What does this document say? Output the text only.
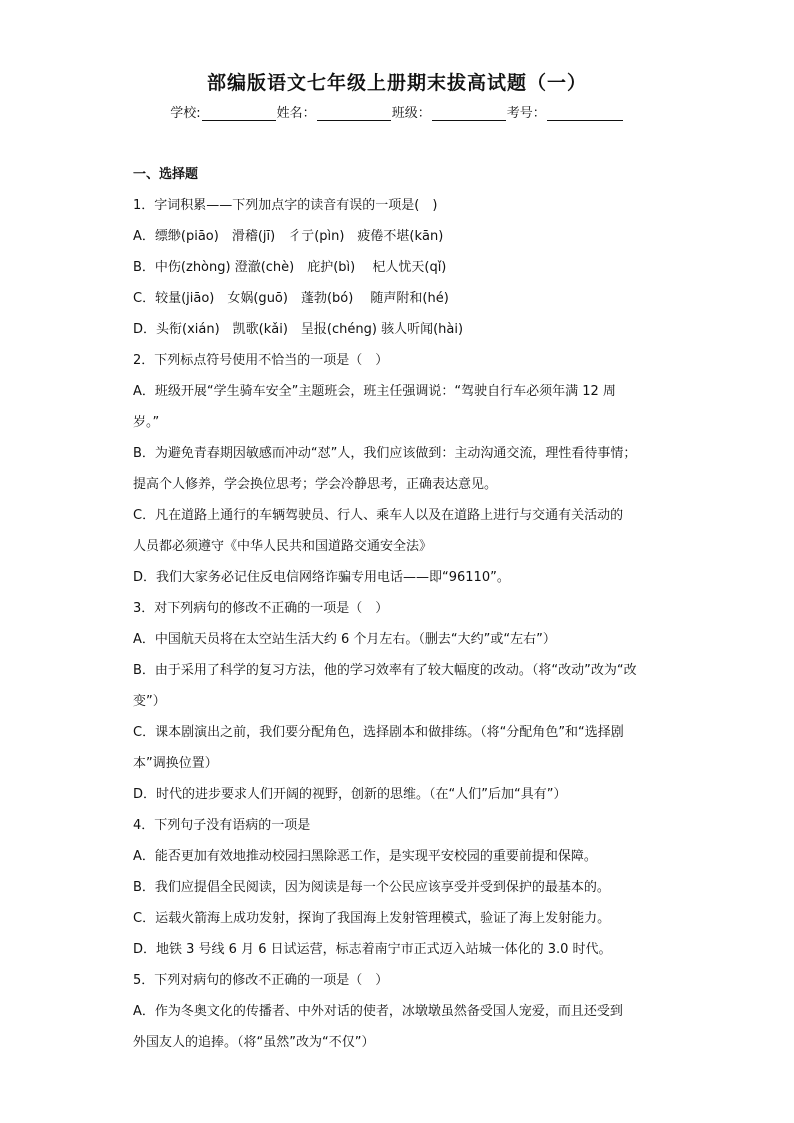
部编版语文七年级上册期末拔高试题（一）
学校:	姓名：	班级：	考号：
一、选择题
1．字词积累——下列加点字的读音有误的一项是(　)
A．缥缈(piāo)　滑稽(jī)　彳亍(pìn)　疲倦不堪(kān)
B．中伤(zhòng) 澄澈(chè)　庇护(bì)　 杞人忧天(qǐ)
C．较量(jiāo)　女娲(guō)　蓬勃(bó)　 随声附和(hé)
D．头衔(xián)　凯歌(kǎi)　呈报(chéng) 骇人听闻(hài)
2．下列标点符号使用不恰当的一项是（　）
A．班级开展“学生骑车安全”主题班会，班主任强调说：“驾驶自行车必须年满 12 周
岁。”
B．为避免青春期因敏感而冲动“怼”人，我们应该做到：主动沟通交流，理性看待事情；
提高个人修养，学会换位思考；学会冷静思考，正确表达意见。
C．凡在道路上通行的车辆驾驶员、行人、乘车人以及在道路上进行与交通有关活动的
人员都必须遵守《中华人民共和国道路交通安全法》
D．我们大家务必记住反电信网络诈骗专用电话——即“96110”。
3．对下列病句的修改不正确的一项是（　）
A．中国航天员将在太空站生活大约 6 个月左右。（删去“大约”或“左右”）
B．由于采用了科学的复习方法，他的学习效率有了较大幅度的改动。（将“改动”改为“改
变”）
C．课本剧演出之前，我们要分配角色，选择剧本和做排练。（将“分配角色”和“选择剧
本”调换位置）
D．时代的进步要求人们开阔的视野，创新的思维。（在“人们”后加“具有”）
4．下列句子没有语病的一项是
A．能否更加有效地推动校园扫黑除恶工作，是实现平安校园的重要前提和保障。
B．我们应提倡全民阅读，因为阅读是每一个公民应该享受并受到保护的最基本的。
C．运载火箭海上成功发射，探询了我国海上发射管理模式，验证了海上发射能力。
D．地铁 3 号线 6 月 6 日试运营，标志着南宁市正式迈入站城一体化的 3.0 时代。
5．下列对病句的修改不正确的一项是（　）
A．作为冬奥文化的传播者、中外对话的使者，冰墩墩虽然备受国人宠爱，而且还受到
外国友人的追捧。（将“虽然”改为“不仅”）
